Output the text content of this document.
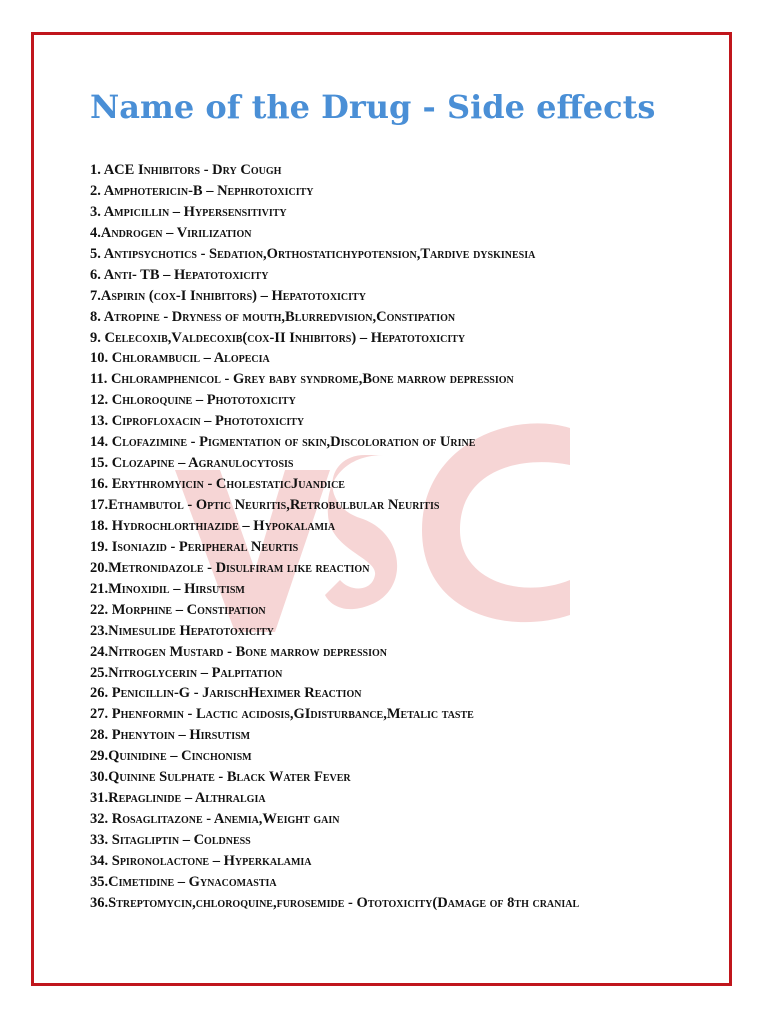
Name of the Drug - Side effects
1. ACE Inhibitors - Dry Cough
2. Amphotericin-B – Nephrotoxicity
3. Ampicillin – Hypersensitivity
4.Androgen – Virilization
5. Antipsychotics - Sedation,Orthostatichypotension,Tardive dyskinesia
6. Anti- TB – Hepatotoxicity
7.Aspirin (cox-I Inhibitors) – Hepatotoxicity
8. Atropine - Dryness of mouth,Blurredvision,Constipation
9. Celecoxib,Valdecoxib(cox-II Inhibitors) – Hepatotoxicity
10. Chlorambucil – Alopecia
11. Chloramphenicol - Grey baby syndrome,Bone marrow depression
12. Chloroquine – Phototoxicity
13. Ciprofloxacin – Phototoxicity
14. Clofazimine - Pigmentation of skin,Discoloration of Urine
15. Clozapine – Agranulocytosis
16. Erythromyicin - CholestaticJuandice
17.Ethambutol - Optic Neuritis,Retrobulbular Neuritis
18. Hydrochlorthiazide – Hypokalamia
19. Isoniazid - Peripheral Neurtis
20.Metronidazole - Disulfiram like reaction
21.Minoxidil – Hirsutism
22. Morphine – Constipation
23.Nimesulide Hepatotoxicity
24.Nitrogen Mustard - Bone marrow depression
25.Nitroglycerin – Palpitation
26. Penicillin-G - JarischHeximer Reaction
27. Phenformin - Lactic acidosis,GIdisturbance,Metalic taste
28. Phenytoin – Hirsutism
29.Quinidine – Cinchonism
30.Quinine Sulphate - Black Water Fever
31.Repaglinide – Althralgia
32. Rosaglitazone - Anemia,Weight gain
33. Sitagliptin – Coldness
34. Spironolactone – Hyperkalamia
35.Cimetidine – Gynacomastia
36.Streptomycin,chloroquine,furosemide - Ototoxicity(Damage of 8th cranial
